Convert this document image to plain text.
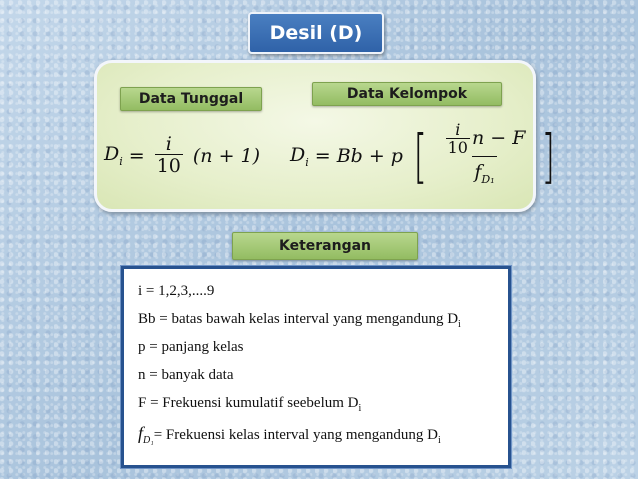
Desil (D)
Data Tunggal	Data Kelompok
$D_i = \frac{i}{10} (n + 1) D_i = Bb + p$ [ $\frac{\frac{i}{10} n - F}{f_{D_1}}$ ]
Keterangan
i = 1,2,3,....9
Bb = batas bawah kelas interval yang mengandung $D_i$
p = panjang kelas
n = banyak data
F = Frekuensi kumulatif seebelum $D_i$
$f_{D_1}=$ Frekuensi kelas interval yang mengandung $D_i$
